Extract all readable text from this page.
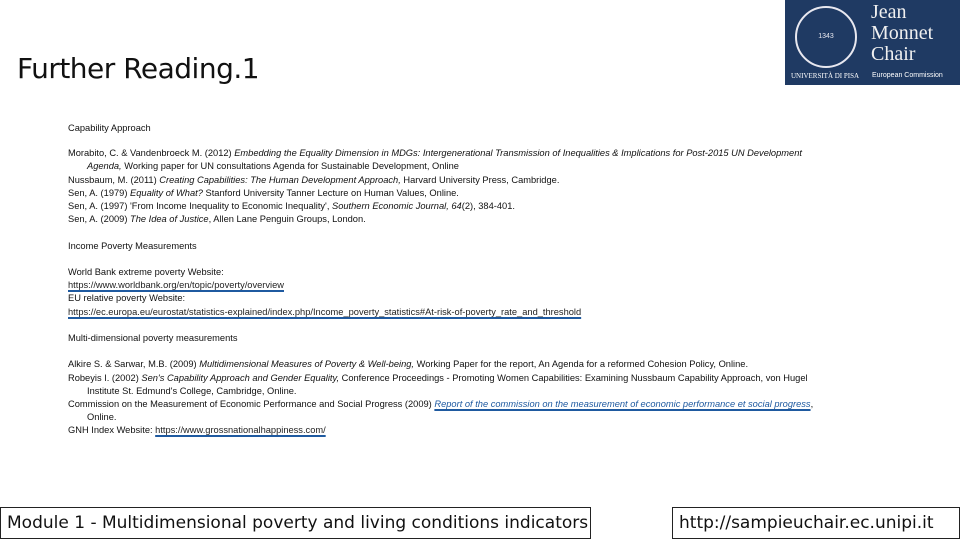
Further Reading.1
1343
Jean
Monnet
Chair
UNIVERSITÀ DI PISA European Commission
Capability Approach
Morabito, C. & Vandenbroeck M. (2012) Embedding the Equality Dimension in MDGs: Intergenerational Transmission of Inequalities & Implications for Post-2015 UN Development
Agenda, Working paper for UN consultations Agenda for Sustainable Development, Online
Nussbaum, M. (2011) Creating Capabilities: The Human Development Approach, Harvard University Press, Cambridge.
Sen, A. (1979) Equality of What? Stanford University Tanner Lecture on Human Values, Online.
Sen, A. (1997) 'From Income Inequality to Economic Inequality', Southern Economic Journal, 64(2), 384-401.
Sen, A. (2009) The Idea of Justice, Allen Lane Penguin Groups, London.
Income Poverty Measurements
World Bank extreme poverty Website:
https://www.worldbank.org/en/topic/poverty/overview
EU relative poverty Website:
https://ec.europa.eu/eurostat/statistics-explained/index.php/Income_poverty_statistics#At-risk-of-poverty_rate_and_threshold
Multi-dimensional poverty measurements
Alkire S. & Sarwar, M.B. (2009) Multidimensional Measures of Poverty & Well-being, Working Paper for the report, An Agenda for a reformed Cohesion Policy, Online.
Robeyis I. (2002) Sen's Capability Approach and Gender Equality, Conference Proceedings - Promoting Women Capabilities: Examining Nussbaum Capability Approach, von Hugel
Institute St. Edmund's College, Cambridge, Online.
Commission on the Measurement of Economic Performance and Social Progress (2009) Report of the commission on the measurement of economic performance et social progress,
Online.
GNH Index Website: https://www.grossnationalhappiness.com/
Module 1 - Multidimensional poverty and living conditions indicators	http://sampieuchair.ec.unipi.it
